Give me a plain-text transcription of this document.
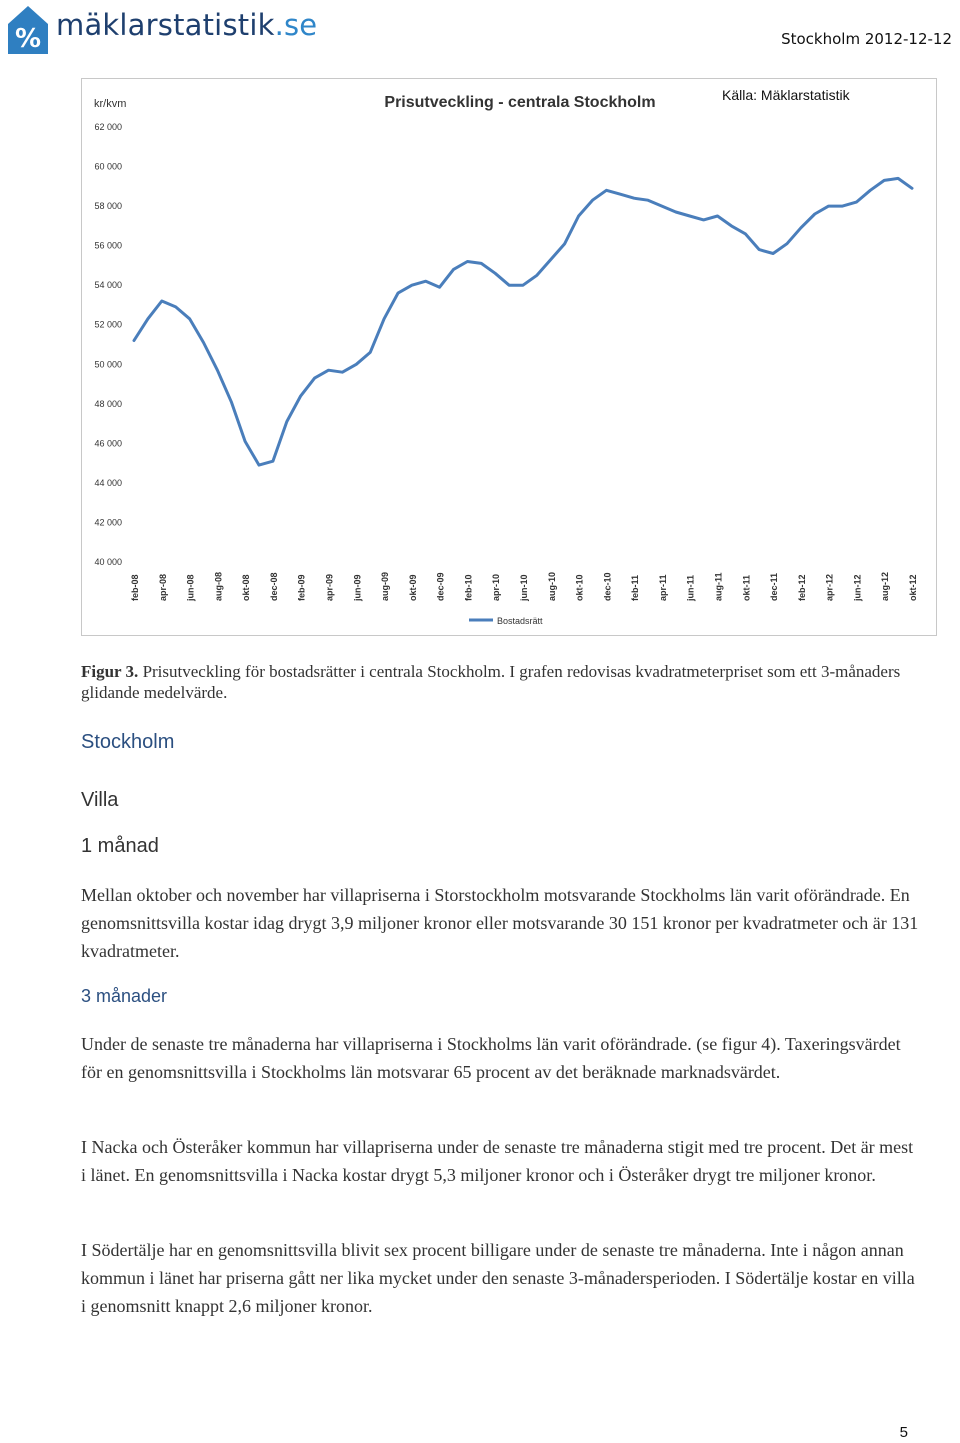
% mäklarstatistik.se	Stockholm 2012-12-12
Prisutveckling - centrala Stockholm
kr/kvm
40 000
42 000
44 000
46 000
48 000
50 000
52 000
54 000
56 000
58 000
60 000
62 000
feb-08 apr-08 jun-08 aug-08 okt-08 dec-08 feb-09 apr-09 jun-09 aug-09 okt-09 dec-09 feb-10 apr-10 jun-10 aug-10 okt-10 dec-10 feb-11 apr-11 jun-11 aug-11 okt-11 dec-11 feb-12 apr-12 jun-12 aug-12 okt-12
Bostadsrätt
Källa: Mäklarstatistik
Figur 3. Prisutveckling för bostadsrätter i centrala Stockholm. I grafen redovisas kvadratmeterpriset som ett 3-månaders glidande medelvärde.
Stockholm
Villa
1 månad
Mellan oktober och november har villapriserna i Storstockholm motsvarande Stockholms län varit oförändrade. En genomsnittsvilla kostar idag drygt 3,9 miljoner kronor eller motsvarande 30 151 kronor per kvadratmeter och är 131 kvadratmeter.
3 månader
Under de senaste tre månaderna har villapriserna i Stockholms län varit oförändrade. (se figur 4). Taxeringsvärdet för en genomsnittsvilla i Stockholms län motsvarar 65 procent av det beräknade marknadsvärdet.
I Nacka och Österåker kommun har villapriserna under de senaste tre månaderna stigit med tre procent. Det är mest i länet. En genomsnittsvilla i Nacka kostar drygt 5,3 miljoner kronor och i Österåker drygt tre miljoner kronor.
I Södertälje har en genomsnittsvilla blivit sex procent billigare under de senaste tre månaderna. Inte i någon annan kommun i länet har priserna gått ner lika mycket under den senaste 3-månadersperioden. I Södertälje kostar en villa i genomsnitt knappt 2,6 miljoner kronor.
5
